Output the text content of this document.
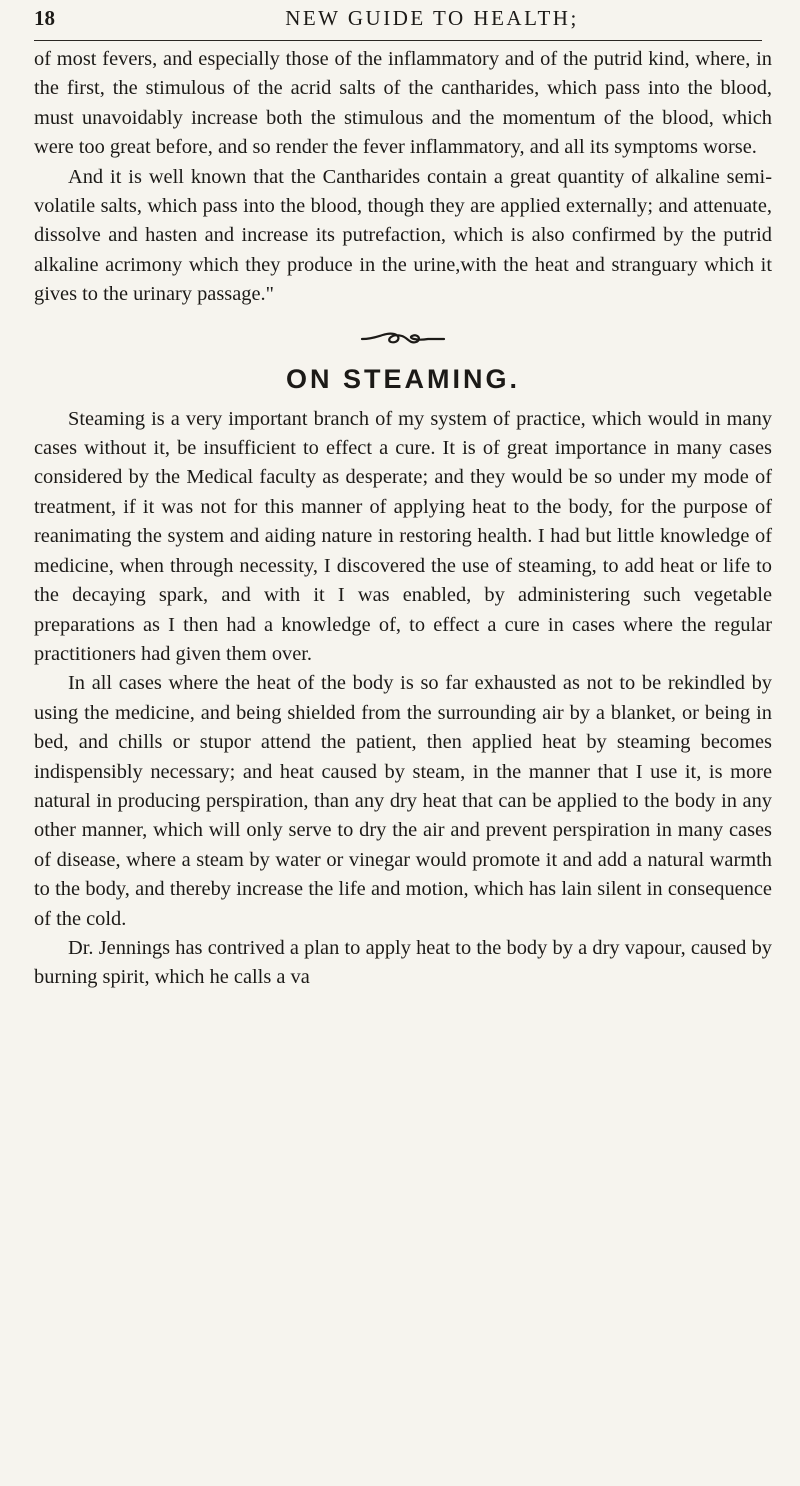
18	NEW GUIDE TO HEALTH;

of most fevers, and especially those of the inflammatory and of the putrid kind, where, in the first, the stimulous of the acrid salts of the cantharides, which pass into the blood, must unavoidably increase both the stimulous and the momentum of the blood, which were too great before, and so render the fever inflammatory, and all its symptoms worse.

And it is well known that the Cantharides contain a great quantity of alkaline semi-volatile salts, which pass into the blood, though they are applied externally; and attenuate, dissolve and hasten and increase its putrefaction, which is also confirmed by the putrid alkaline acrimony which they produce in the urine,with the heat and stranguary which it gives to the urinary passage."

ON STEAMING.

Steaming is a very important branch of my system of practice, which would in many cases without it, be insufficient to effect a cure. It is of great importance in many cases considered by the Medical faculty as desperate; and they would be so under my mode of treatment, if it was not for this manner of applying heat to the body, for the purpose of reanimating the system and aiding nature in restoring health. I had but little knowledge of medicine, when through necessity, I discovered the use of steaming, to add heat or life to the decaying spark, and with it I was enabled, by administering such vegetable preparations as I then had a knowledge of, to effect a cure in cases where the regular practitioners had given them over.

In all cases where the heat of the body is so far exhausted as not to be rekindled by using the medicine, and being shielded from the surrounding air by a blanket, or being in bed, and chills or stupor attend the patient, then applied heat by steaming becomes indispensibly necessary; and heat caused by steam, in the manner that I use it, is more natural in producing perspiration, than any dry heat that can be applied to the body in any other manner, which will only serve to dry the air and prevent perspiration in many cases of disease, where a steam by water or vinegar would promote it and add a natural warmth to the body, and thereby increase the life and motion, which has lain silent in consequence of the cold.

Dr. Jennings has contrived a plan to apply heat to the body by a dry vapour, caused by burning spirit, which he calls a va
